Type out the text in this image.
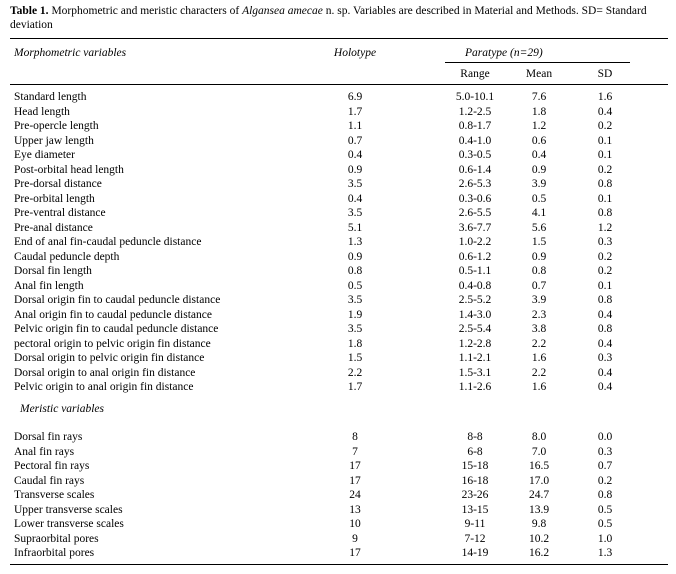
Table 1. Morphometric and meristic characters of Algansea amecae n. sp. Variables are described in Material and Methods. SD= Standard deviation
Morphometric variables	Holotype	Paratype (n=29)
Range	Mean	SD
Standard length	6.9	5.0-10.1	7.6	1.6
Head length	1.7	1.2-2.5	1.8	0.4
Pre-opercle length	1.1	0.8-1.7	1.2	0.2
Upper jaw length	0.7	0.4-1.0	0.6	0.1
Eye diameter	0.4	0.3-0.5	0.4	0.1
Post-orbital head length	0.9	0.6-1.4	0.9	0.2
Pre-dorsal distance	3.5	2.6-5.3	3.9	0.8
Pre-orbital length	0.4	0.3-0.6	0.5	0.1
Pre-ventral distance	3.5	2.6-5.5	4.1	0.8
Pre-anal distance	5.1	3.6-7.7	5.6	1.2
End of anal fin-caudal peduncle distance	1.3	1.0-2.2	1.5	0.3
Caudal peduncle depth	0.9	0.6-1.2	0.9	0.2
Dorsal fin length	0.8	0.5-1.1	0.8	0.2
Anal fin length	0.5	0.4-0.8	0.7	0.1
Dorsal origin fin to caudal peduncle distance	3.5	2.5-5.2	3.9	0.8
Anal origin fin to caudal peduncle distance	1.9	1.4-3.0	2.3	0.4
Pelvic origin fin to caudal peduncle distance	3.5	2.5-5.4	3.8	0.8
pectoral origin to pelvic origin fin distance	1.8	1.2-2.8	2.2	0.4
Dorsal origin to pelvic origin fin distance	1.5	1.1-2.1	1.6	0.3
Dorsal origin to anal origin fin distance	2.2	1.5-3.1	2.2	0.4
Pelvic origin to anal origin fin distance	1.7	1.1-2.6	1.6	0.4
Meristic variables
Dorsal fin rays	8	8-8	8.0	0.0
Anal fin rays	7	6-8	7.0	0.3
Pectoral fin rays	17	15-18	16.5	0.7
Caudal fin rays	17	16-18	17.0	0.2
Transverse scales	24	23-26	24.7	0.8
Upper transverse scales	13	13-15	13.9	0.5
Lower transverse scales	10	9-11	9.8	0.5
Supraorbital pores	9	7-12	10.2	1.0
Infraorbital pores	17	14-19	16.2	1.3
